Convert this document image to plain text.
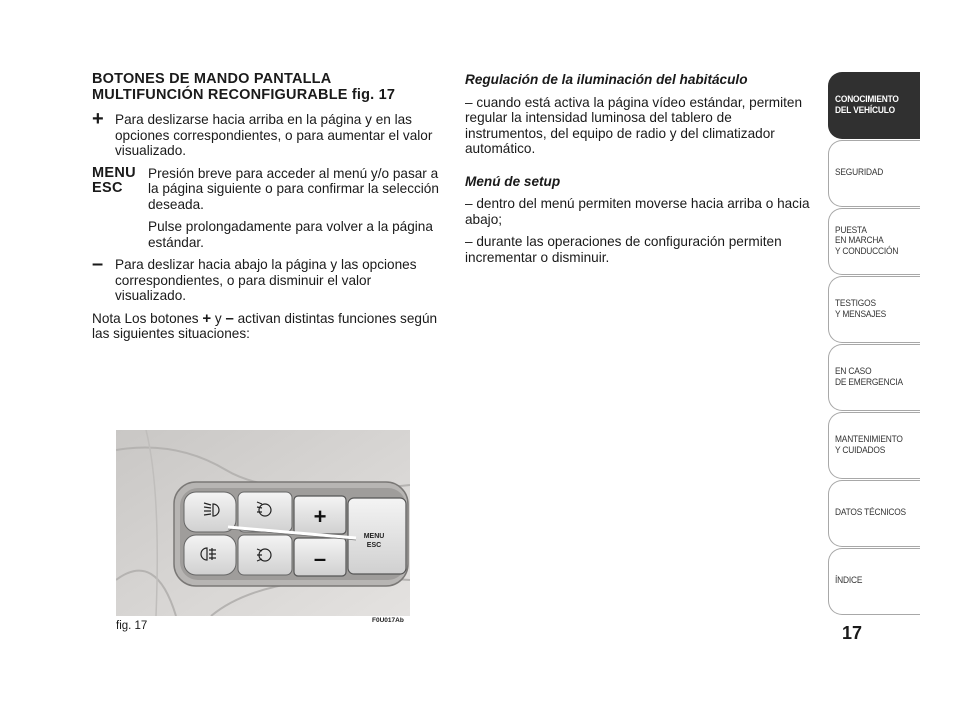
BOTONES DE MANDO PANTALLA
MULTIFUNCIÓN RECONFIGURABLE fig. 17
+ Para deslizarse hacia arriba en la página y en las opciones correspondientes, o para aumentar el valor visualizado.

MENU
ESC

Presión breve para acceder al menú y/o pasar a la página siguiente o para confirmar la selección deseada.

Pulse prolongadamente para volver a la página estándar.

– Para deslizar hacia abajo la página y las opciones correspondientes, o para disminuir el valor visualizado.

Nota Los botones + y – activan distintas funciones según las siguientes situaciones:

Regulación de la iluminación del habitáculo

– cuando está activa la página vídeo estándar, permiten regular la intensidad luminosa del tablero de instrumentos, del equipo de radio y del climatizador automático.

Menú de setup

– dentro del menú permiten moverse hacia arriba o hacia abajo;

– durante las operaciones de configuración permiten incrementar o disminuir.

+
–
MENU
ESC
fig. 17	F0U017Ab
CONOCIMIENTO
DEL VEHÍCULO
SEGURIDAD
PUESTA
EN MARCHA
Y CONDUCCIÓN
TESTIGOS
Y MENSAJES
EN CASO
DE EMERGENCIA
MANTENIMIENTO
Y CUIDADOS
DATOS TÉCNICOS
ÍNDICE
17
